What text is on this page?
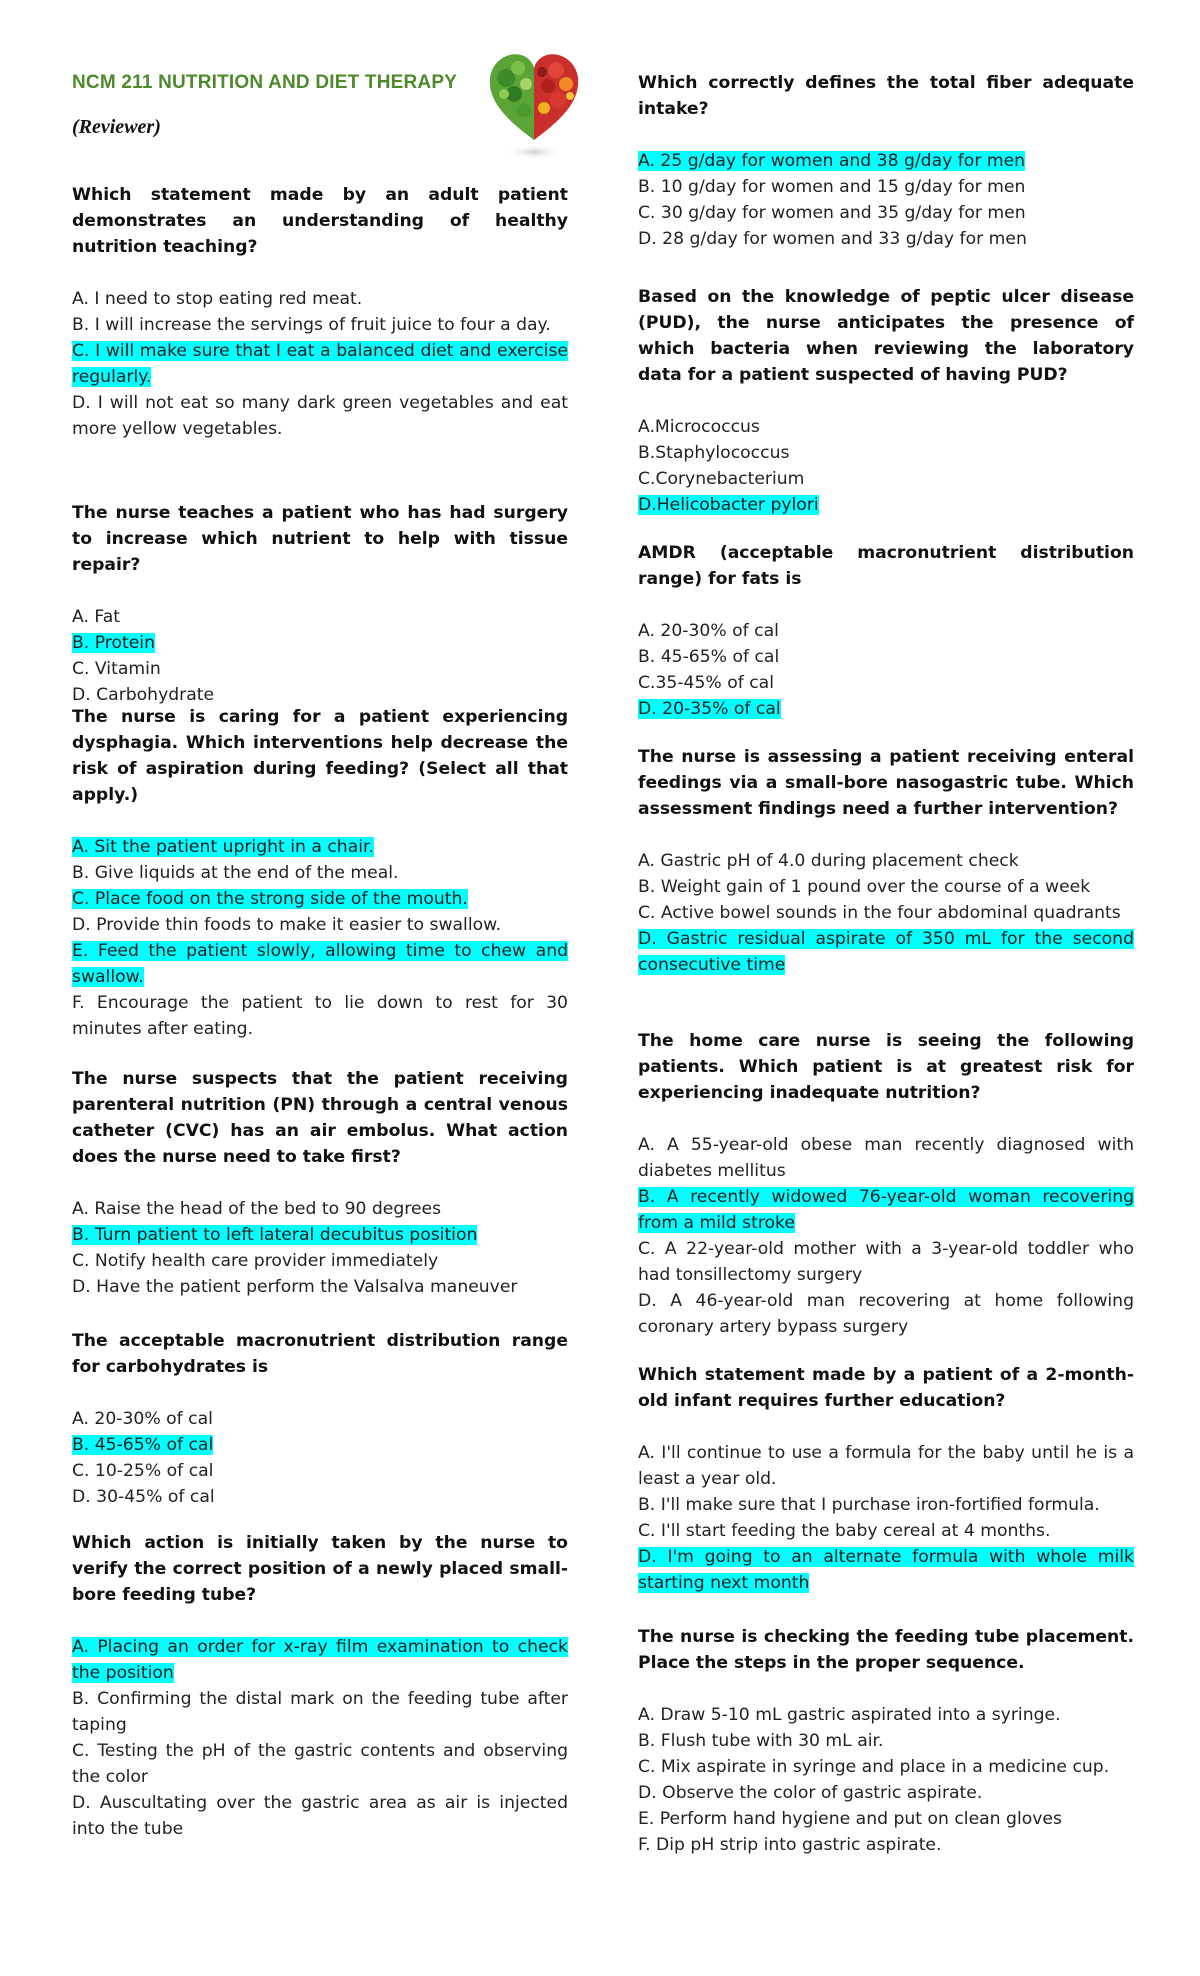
NCM 211 NUTRITION AND DIET THERAPY
(Reviewer)

Which statement made by an adult patient demonstrates an understanding of healthy nutrition teaching?

A. I need to stop eating red meat.

B. I will increase the servings of fruit juice to four a day.

C. I will make sure that I eat a balanced diet and exercise regularly.

D. I will not eat so many dark green vegetables and eat more yellow vegetables.

The nurse teaches a patient who has had surgery to increase which nutrient to help with tissue repair?

A. Fat

B. Protein

C. Vitamin

D. Carbohydrate

The nurse is caring for a patient experiencing dysphagia. Which interventions help decrease the risk of aspiration during feeding? (Select all that apply.)

A. Sit the patient upright in a chair.

B. Give liquids at the end of the meal.

C. Place food on the strong side of the mouth.

D. Provide thin foods to make it easier to swallow.

E. Feed the patient slowly, allowing time to chew and swallow.

F. Encourage the patient to lie down to rest for 30 minutes after eating.

The nurse suspects that the patient receiving parenteral nutrition (PN) through a central venous catheter (CVC) has an air embolus. What action does the nurse need to take first?

A. Raise the head of the bed to 90 degrees

B. Turn patient to left lateral decubitus position

C. Notify health care provider immediately

D. Have the patient perform the Valsalva maneuver

The acceptable macronutrient distribution range for carbohydrates is

A. 20-30% of cal

B. 45-65% of cal

C. 10-25% of cal

D. 30-45% of cal

Which action is initially taken by the nurse to verify the correct position of a newly placed small-bore feeding tube?

A. Placing an order for x-ray film examination to check the position

B. Confirming the distal mark on the feeding tube after taping

C. Testing the pH of the gastric contents and observing the color

D. Auscultating over the gastric area as air is injected into the tube

Which correctly defines the total fiber adequate intake?

A. 25 g/day for women and 38 g/day for men

B. 10 g/day for women and 15 g/day for men

C. 30 g/day for women and 35 g/day for men

D. 28 g/day for women and 33 g/day for men

Based on the knowledge of peptic ulcer disease (PUD), the nurse anticipates the presence of which bacteria when reviewing the laboratory data for a patient suspected of having PUD?

A.Micrococcus

B.Staphylococcus

C.Corynebacterium

D.Helicobacter pylori

AMDR (acceptable macronutrient distribution range) for fats is

A. 20-30% of cal

B. 45-65% of cal

C.35-45% of cal

D. 20-35% of cal

The nurse is assessing a patient receiving enteral feedings via a small-bore nasogastric tube. Which assessment findings need a further intervention?

A. Gastric pH of 4.0 during placement check

B. Weight gain of 1 pound over the course of a week

C. Active bowel sounds in the four abdominal quadrants

D. Gastric residual aspirate of 350 mL for the second consecutive time

The home care nurse is seeing the following patients. Which patient is at greatest risk for experiencing inadequate nutrition?

A. A 55-year-old obese man recently diagnosed with diabetes mellitus

B. A recently widowed 76-year-old woman recovering from a mild stroke

C. A 22-year-old mother with a 3-year-old toddler who had tonsillectomy surgery

D. A 46-year-old man recovering at home following coronary artery bypass surgery

Which statement made by a patient of a 2-month-old infant requires further education?

A. I'll continue to use a formula for the baby until he is a least a year old.

B. I'll make sure that I purchase iron-fortified formula.

C. I'll start feeding the baby cereal at 4 months.

D. I'm going to an alternate formula with whole milk starting next month

The nurse is checking the feeding tube placement. Place the steps in the proper sequence.

A. Draw 5-10 mL gastric aspirated into a syringe.

B. Flush tube with 30 mL air.

C. Mix aspirate in syringe and place in a medicine cup.

D. Observe the color of gastric aspirate.

E. Perform hand hygiene and put on clean gloves

F. Dip pH strip into gastric aspirate.
